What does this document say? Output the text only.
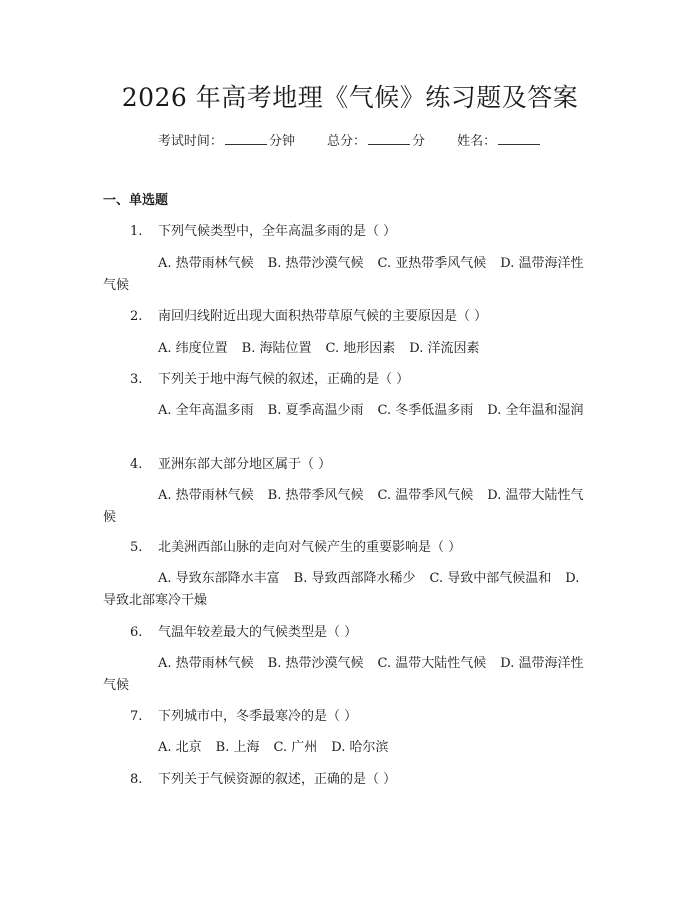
2026 年高考地理《气候》练习题及答案
考试时间：	分钟 总分：	分 姓名：
一、单选题
1. 下列气候类型中，全年高温多雨的是（ ）
A. 热带雨林气候 B. 热带沙漠气候 C. 亚热带季风气候 D. 温带海洋性气候
2. 南回归线附近出现大面积热带草原气候的主要原因是（ ）
A. 纬度位置 B. 海陆位置 C. 地形因素 D. 洋流因素
3. 下列关于地中海气候的叙述，正确的是（ ）
A. 全年高温多雨 B. 夏季高温少雨 C. 冬季低温多雨 D. 全年温和湿润
4. 亚洲东部大部分地区属于（ ）
A. 热带雨林气候 B. 热带季风气候 C. 温带季风气候 D. 温带大陆性气候
5. 北美洲西部山脉的走向对气候产生的重要影响是（ ）
A. 导致东部降水丰富 B. 导致西部降水稀少 C. 导致中部气候温和 D. 导致北部寒冷干燥
6. 气温年较差最大的气候类型是（ ）
A. 热带雨林气候 B. 热带沙漠气候 C. 温带大陆性气候 D. 温带海洋性气候
7. 下列城市中，冬季最寒冷的是（ ）
A. 北京 B. 上海 C. 广州 D. 哈尔滨
8. 下列关于气候资源的叙述，正确的是（ ）
